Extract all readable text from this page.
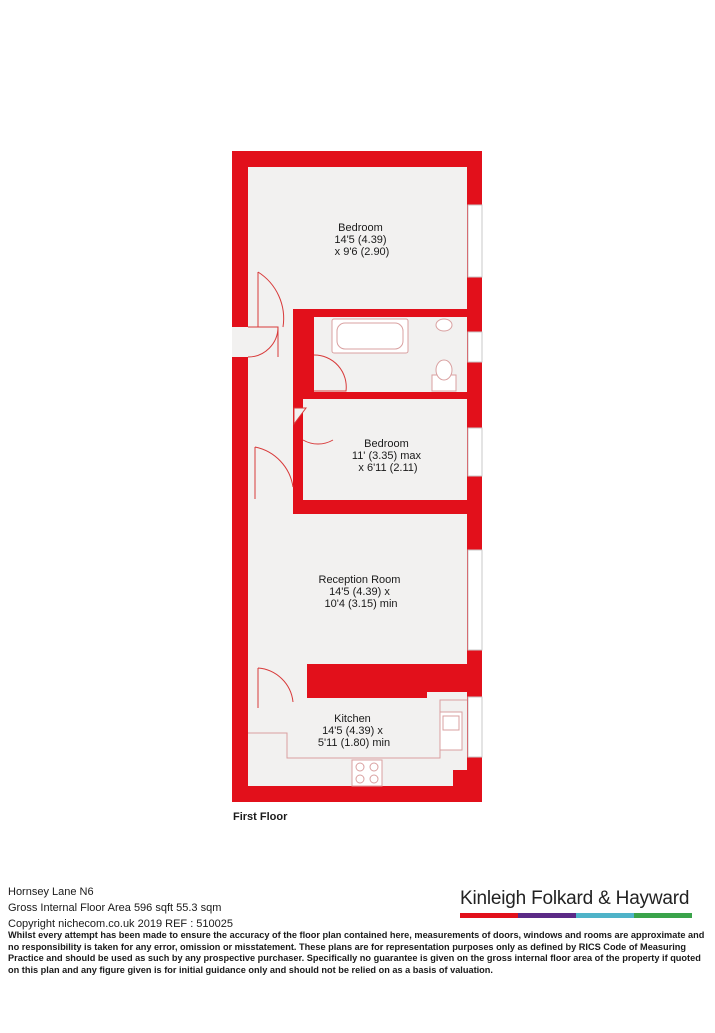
Bedroom 14'5 (4.39) x 9'6 (2.90)
Bedroom 11' (3.35) max x 6'11 (2.11)
Reception Room 14'5 (4.39) x 10'4 (3.15) min
Kitchen 14'5 (4.39) x 5'11 (1.80) min
First Floor
Hornsey Lane N6
Gross Internal Floor Area 596 sqft 55.3 sqm
Copyright nichecom.co.uk 2019 REF : 510025
Whilst every attempt has been made to ensure the accuracy of the floor plan contained here, measurements of doors, windows and rooms are approximate and no responsibility is taken for any error, omission or misstatement. These plans are for representation purposes only as defined by RICS Code of Measuring Practice and should be used as such by any prospective purchaser. Specifically no guarantee is given on the gross internal floor area of the property if quoted on this plan and any figure given is for initial guidance only and should not be relied on as a basis of valuation.
Kinleigh Folkard & Hayward
